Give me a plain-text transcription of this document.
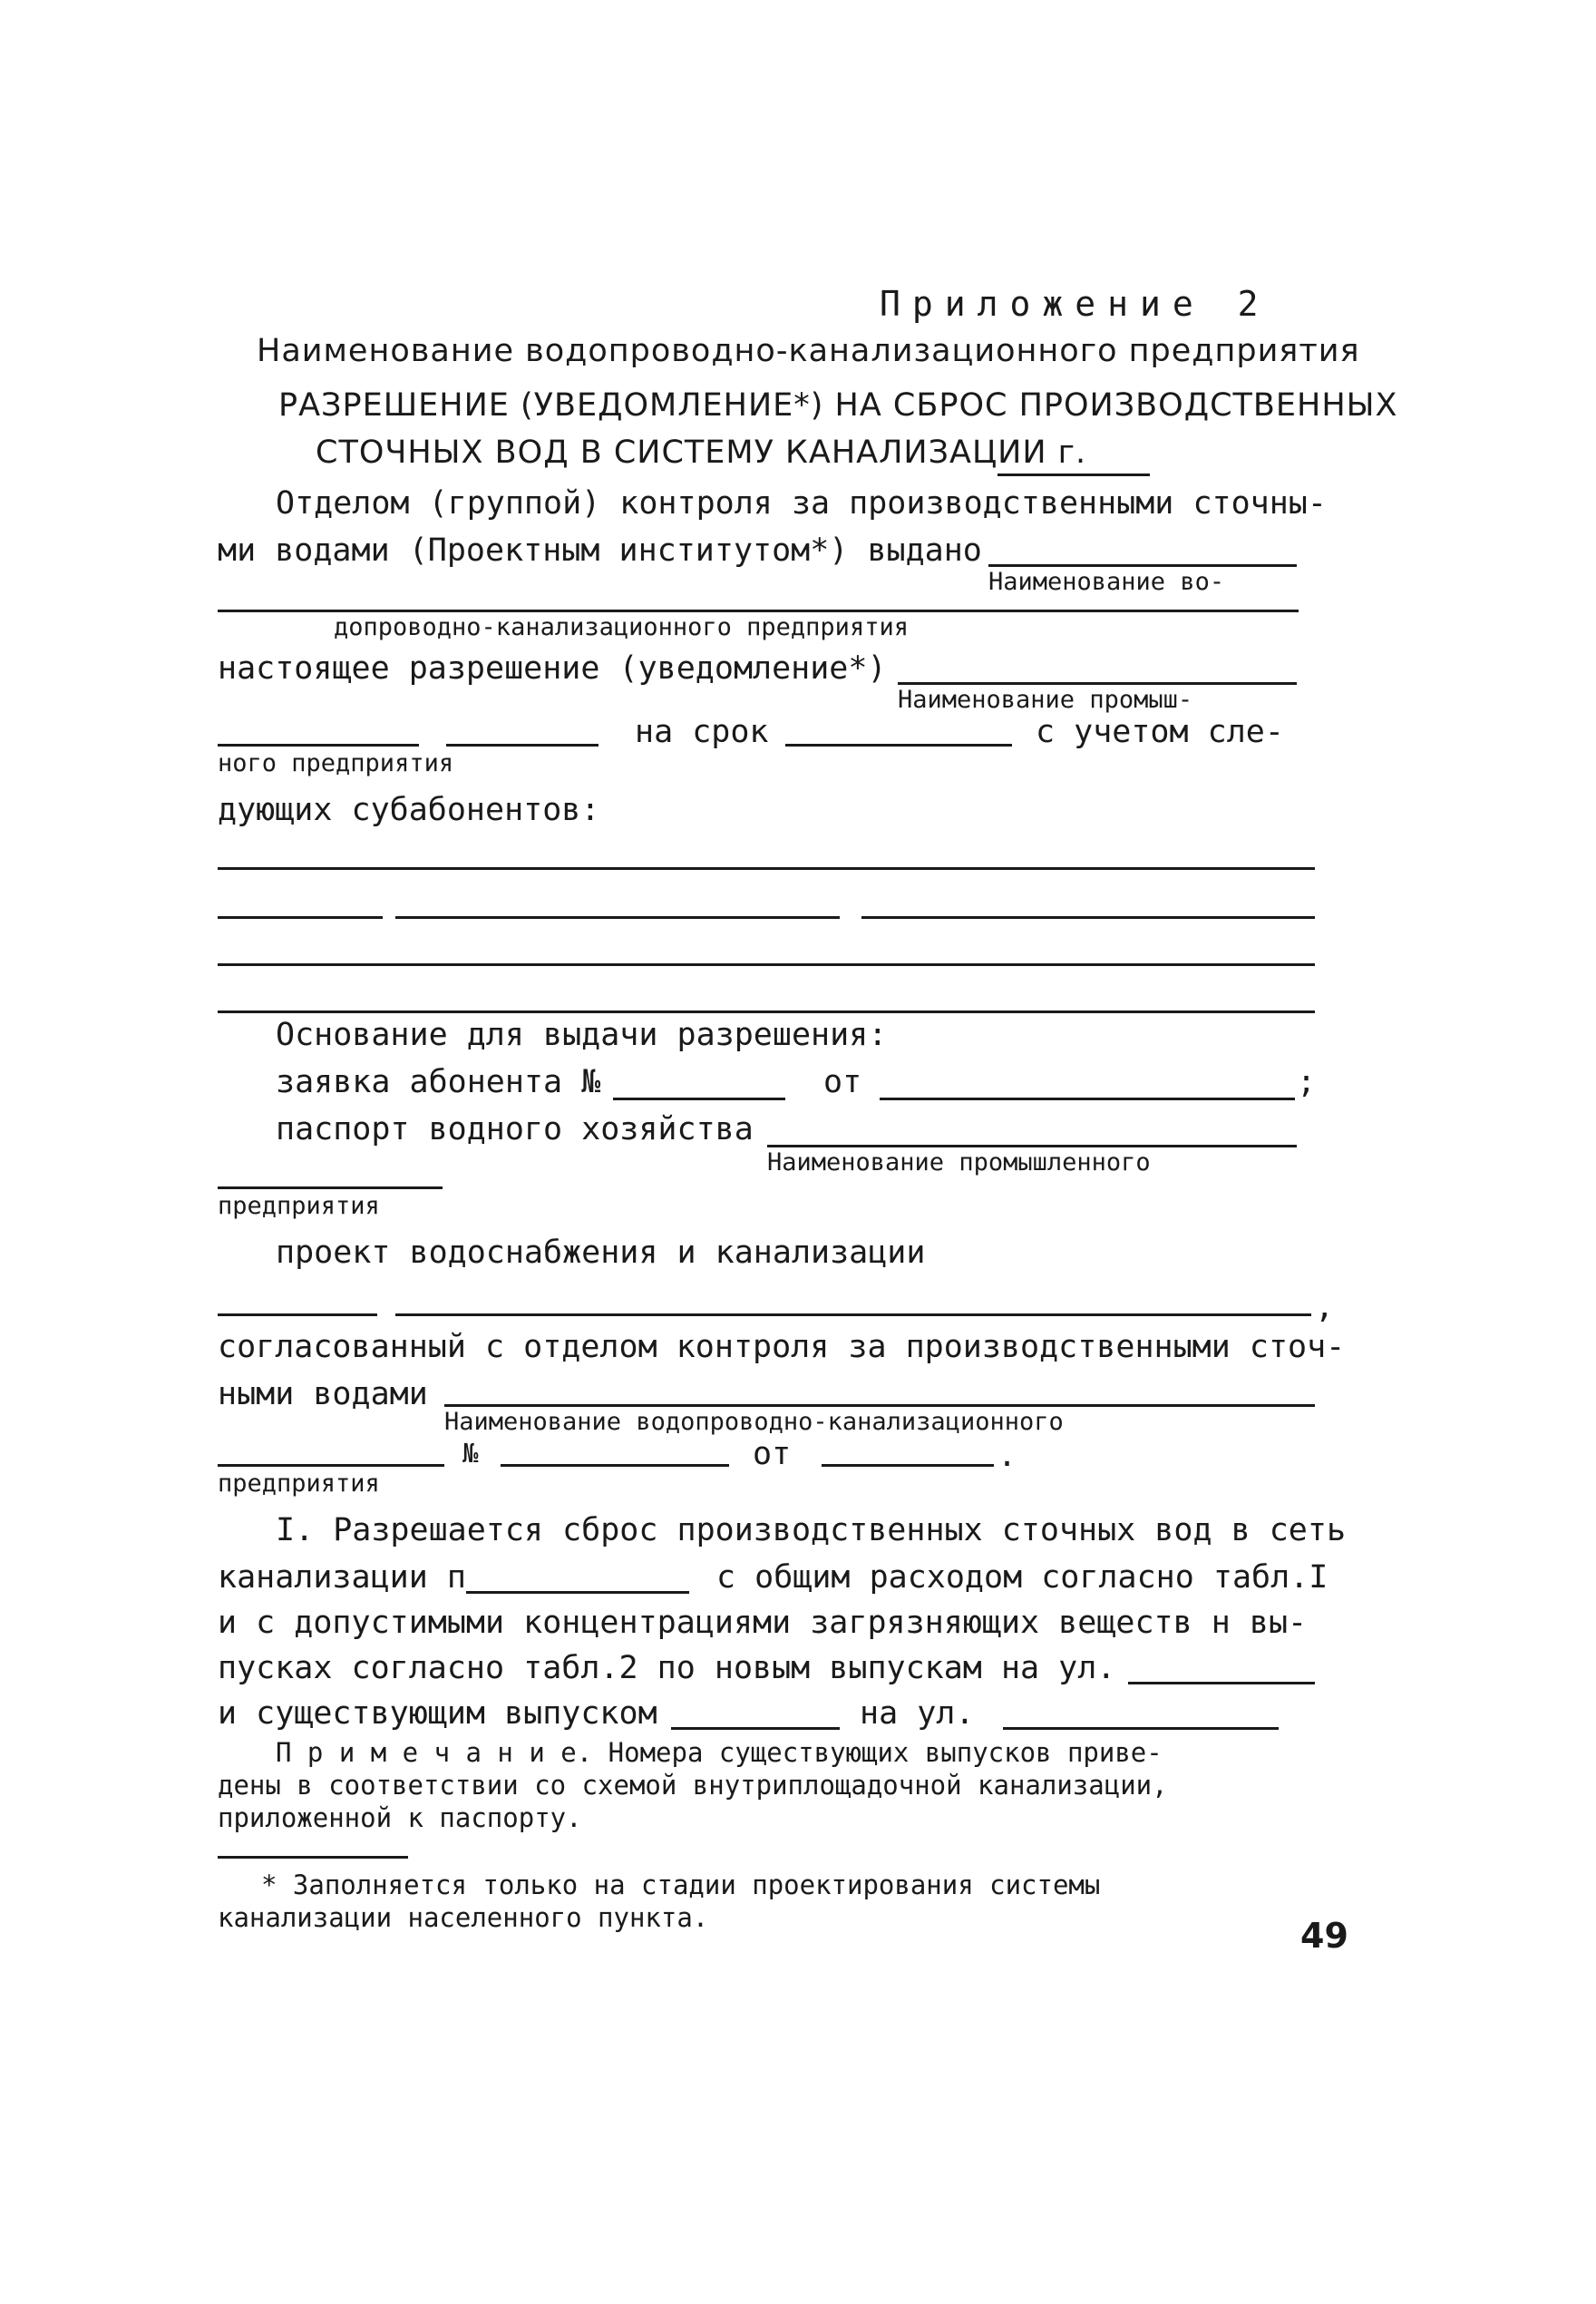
Приложение 2
Наименование водопроводно-канализационного предприятия
РАЗРЕШЕНИЕ (УВЕДОМЛЕНИЕ*) НА СБРОС ПРОИЗВОДСТВЕННЫХ
СТОЧНЫХ ВОД В СИСТЕМУ КАНАЛИЗАЦИИ г.
Отделом (группой) контроля за производственными сточны-
ми водами (Проектным институтом*) выдано
Наименование во-
допроводно-канализационного предприятия
настоящее разрешение (уведомление*)
Наименование промыш-
на срок	с учетом сле-
ного предприятия
дующих субабонентов:
Основание для выдачи разрешения:
заявка абонента №	от	;
паспорт водного хозяйства
Наименование промышленного
предприятия
проект водоснабжения и канализации
,
согласованный с отделом контроля за производственными сточ-
ными водами
Наименование водопроводно-канализационного
№	от	.
предприятия
I. Разрешается сброс производственных сточных вод в сеть
канализации п	с общим расходом согласно табл.I
и с допустимыми концентрациями загрязняющих веществ н вы-
пусках согласно табл.2 по новым выпускам на ул.
и существующим выпуском	на ул.
П р и м е ч а н и е. Номера существующих выпусков приве-
дены в соответствии со схемой внутриплощадочной канализации,
приложенной к паспорту.
* Заполняется только на стадии проектирования системы
канализации населенного пункта.	49
